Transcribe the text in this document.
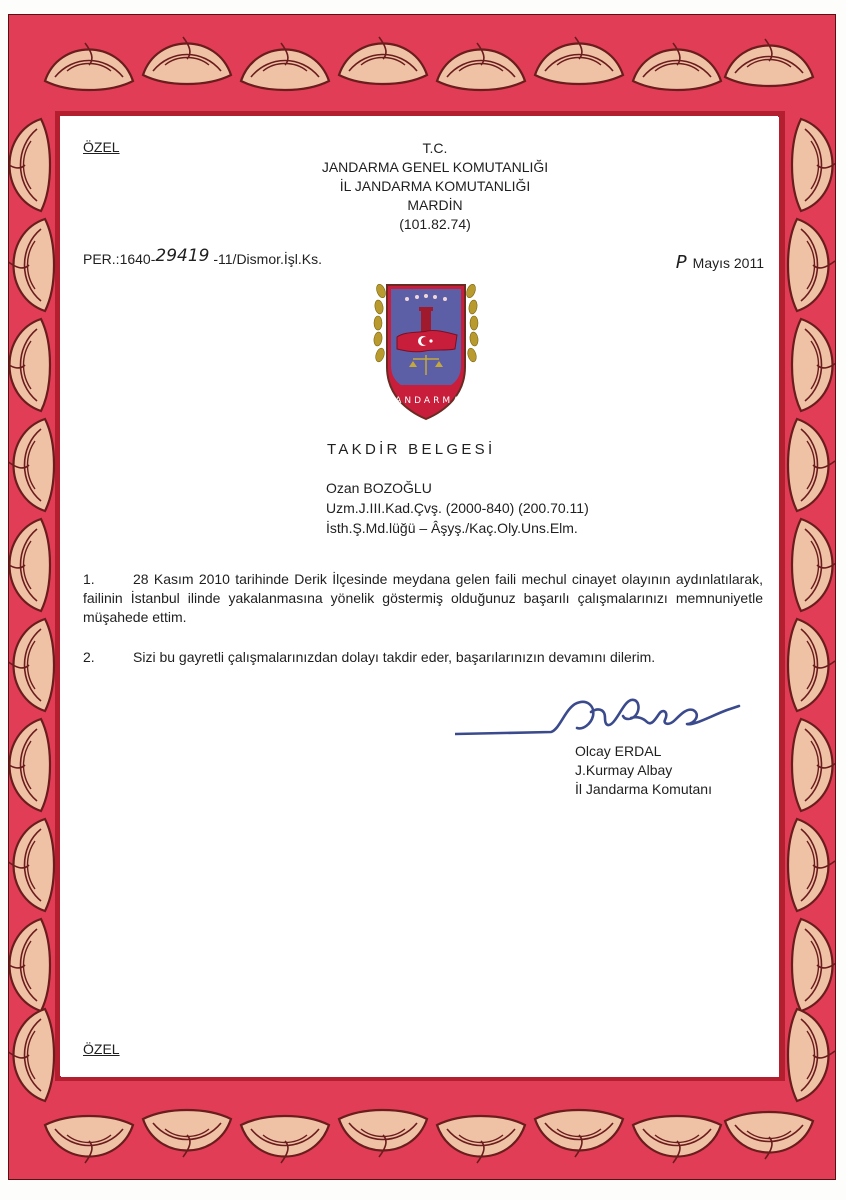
ÖZEL	T.C.
JANDARMA GENEL KOMUTANLIĞI
İL JANDARMA KOMUTANLIĞI
MARDİN
(101.82.74)

PER.:1640-29419 -11/Dismor.İşl.Ks.	P Mayıs 2011

JANDARMA

TAKDİR BELGESİ

Ozan BOZOĞLU
Uzm.J.III.Kad.Çvş. (2000-840) (200.70.11)
İsth.Ş.Md.lüğü – Âşyş./Kaç.Oly.Uns.Elm.

1.	28 Kasım 2010 tarihinde Derik İlçesinde meydana gelen faili mechul cinayet olayının aydınlatılarak, failinin İstanbul ilinde yakalanmasına yönelik göstermiş olduğunuz başarılı çalışmalarınızı memnuniyetle müşahede ettim.

2.	Sizi bu gayretli çalışmalarınızdan dolayı takdir eder, başarılarınızın devamını dilerim.

Olcay ERDAL
J.Kurmay Albay
İl Jandarma Komutanı

ÖZEL
